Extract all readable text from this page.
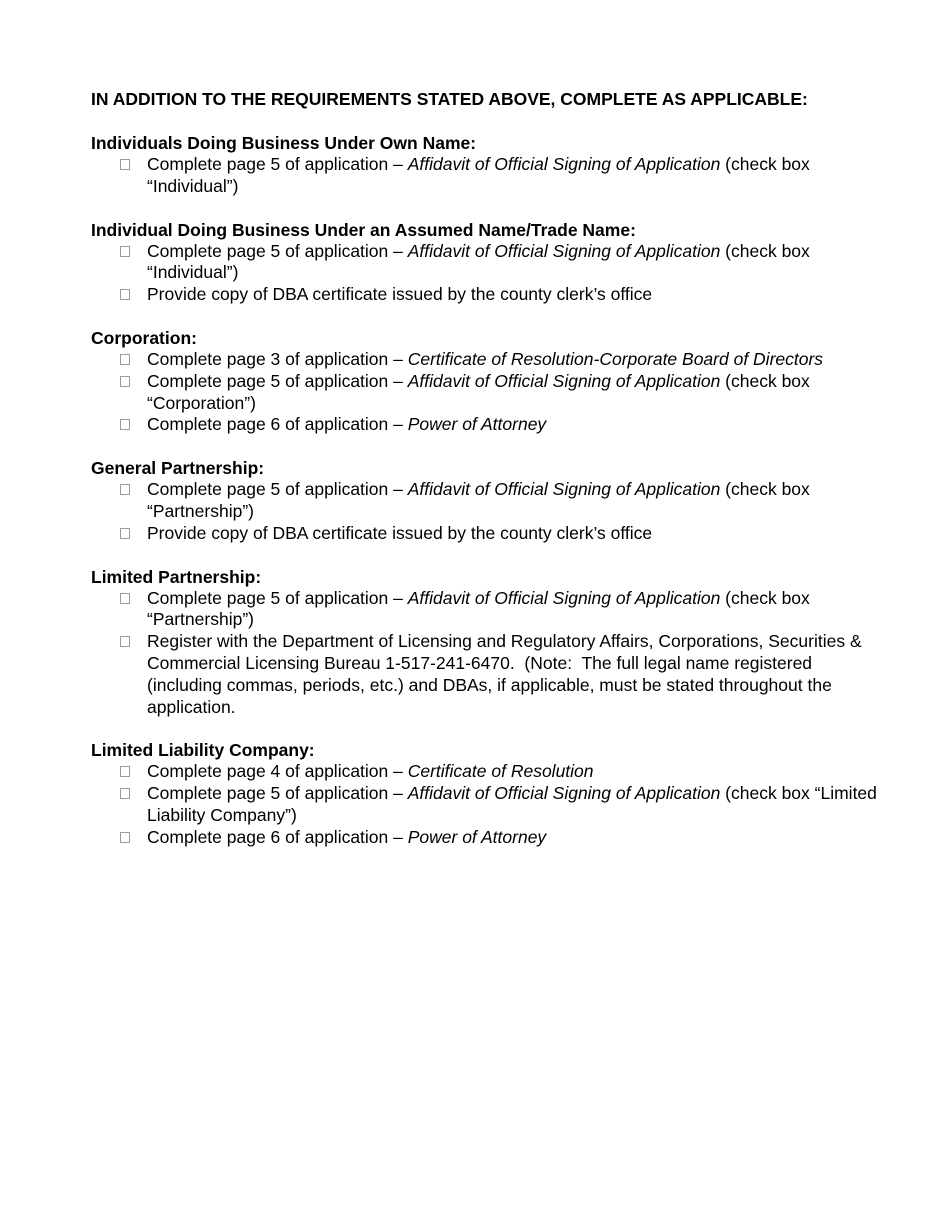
IN ADDITION TO THE REQUIREMENTS STATED ABOVE, COMPLETE AS APPLICABLE:
Individuals Doing Business Under Own Name:
Complete page 5 of application – Affidavit of Official Signing of Application (check box “Individual”)
Individual Doing Business Under an Assumed Name/Trade Name:
Complete page 5 of application – Affidavit of Official Signing of Application (check box “Individual”)
Provide copy of DBA certificate issued by the county clerk’s office
Corporation:
Complete page 3 of application – Certificate of Resolution-Corporate Board of Directors
Complete page 5 of application – Affidavit of Official Signing of Application (check box “Corporation”)
Complete page 6 of application – Power of Attorney
General Partnership:
Complete page 5 of application – Affidavit of Official Signing of Application (check box “Partnership”)
Provide copy of DBA certificate issued by the county clerk’s office
Limited Partnership:
Complete page 5 of application – Affidavit of Official Signing of Application (check box “Partnership”)
Register with the Department of Licensing and Regulatory Affairs, Corporations, Securities & Commercial Licensing Bureau 1-517-241-6470.  (Note:  The full legal name registered (including commas, periods, etc.) and DBAs, if applicable, must be stated throughout the application.
Limited Liability Company:
Complete page 4 of application – Certificate of Resolution
Complete page 5 of application – Affidavit of Official Signing of Application (check box “Limited Liability Company”)
Complete page 6 of application – Power of Attorney
